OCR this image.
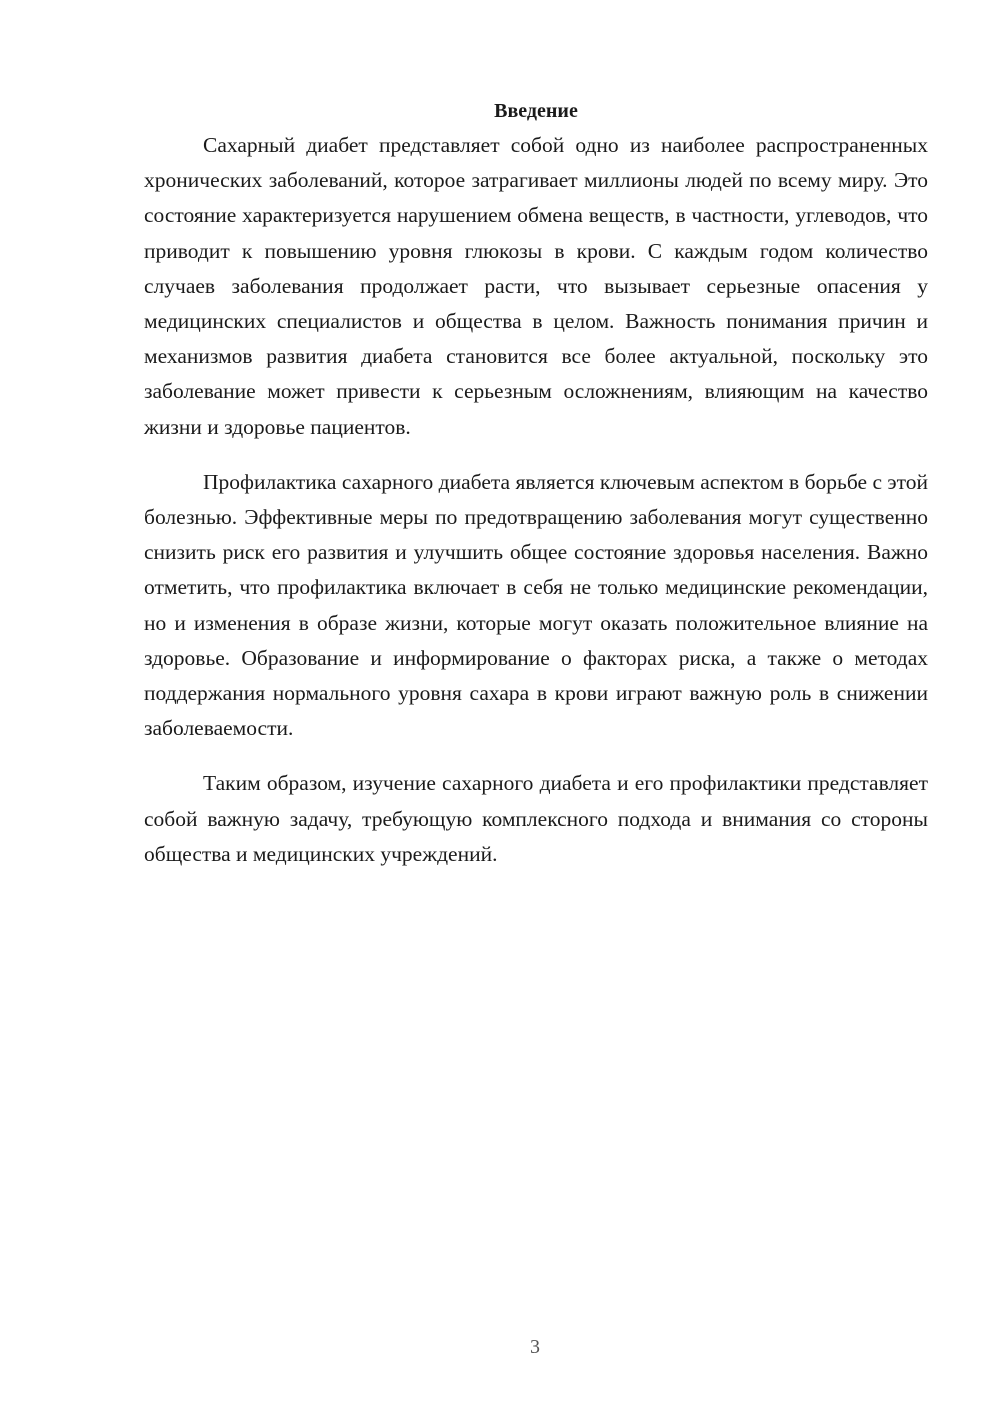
Введение

Сахарный диабет представляет собой одно из наиболее распространенных хронических заболеваний, которое затрагивает миллионы людей по всему миру. Это состояние характеризуется нарушением обмена веществ, в частности, углеводов, что приводит к повышению уровня глюкозы в крови. С каждым годом количество случаев заболевания продолжает расти, что вызывает серьезные опасения у медицинских специалистов и общества в целом. Важность понимания причин и механизмов развития диабета становится все более актуальной, поскольку это заболевание может привести к серьезным осложнениям, влияющим на качество жизни и здоровье пациентов.

Профилактика сахарного диабета является ключевым аспектом в борьбе с этой болезнью. Эффективные меры по предотвращению заболевания могут существенно снизить риск его развития и улучшить общее состояние здоровья населения. Важно отметить, что профилактика включает в себя не только медицинские рекомендации, но и изменения в образе жизни, которые могут оказать положительное влияние на здоровье. Образование и информирование о факторах риска, а также о методах поддержания нормального уровня сахара в крови играют важную роль в снижении заболеваемости.

Таким образом, изучение сахарного диабета и его профилактики представляет собой важную задачу, требующую комплексного подхода и внимания со стороны общества и медицинских учреждений.

3
